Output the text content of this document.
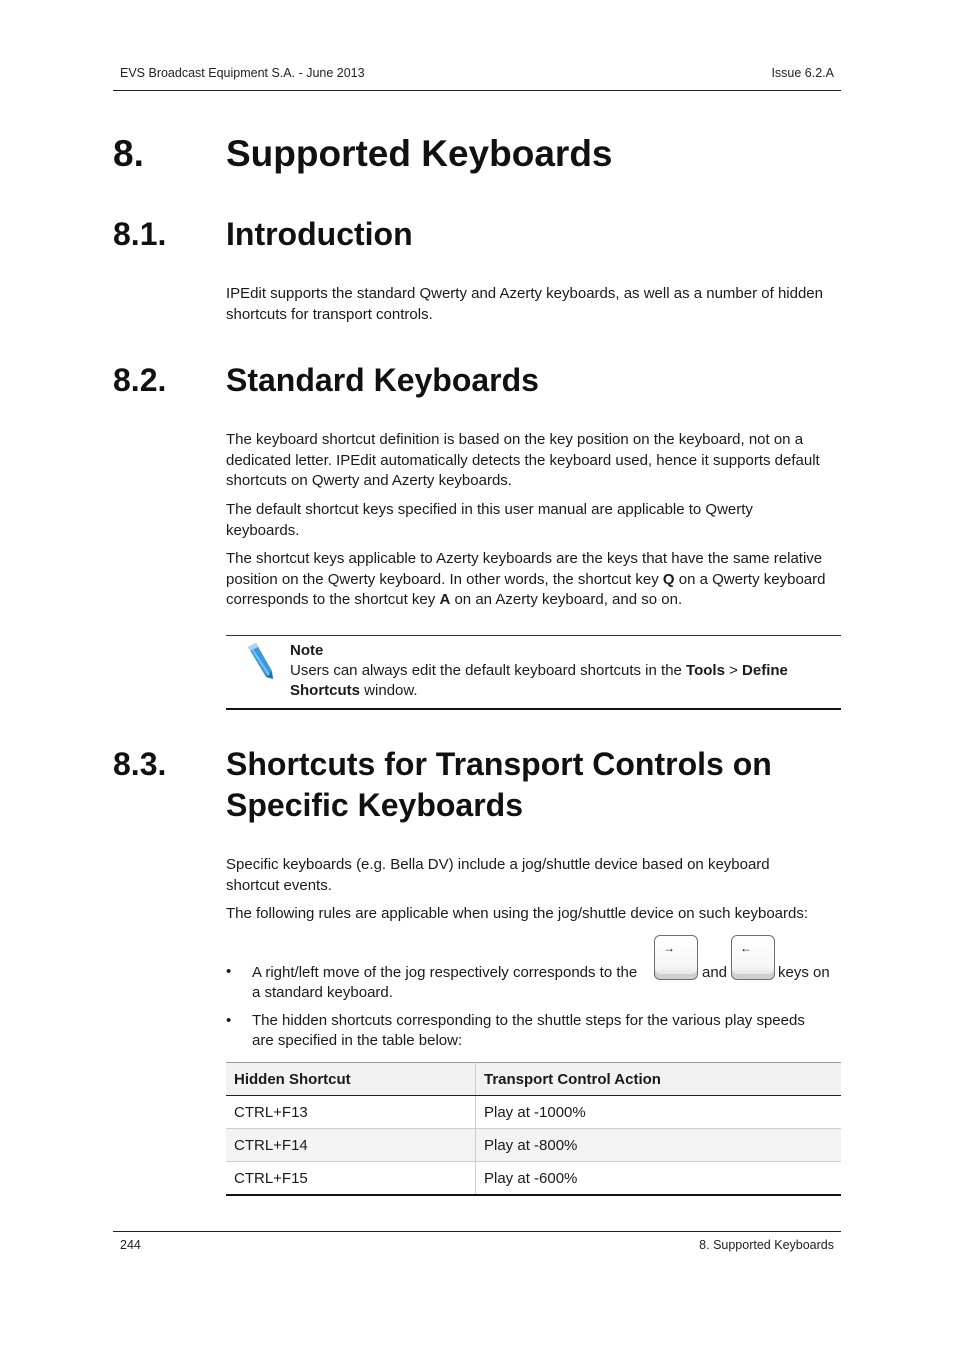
EVS Broadcast Equipment S.A. - June 2013	Issue 6.2.A
8. Supported Keyboards
8.1. Introduction
IPEdit supports the standard Qwerty and Azerty keyboards, as well as a number of hidden
shortcuts for transport controls.
8.2. Standard Keyboards

The keyboard shortcut definition is based on the key position on the keyboard, not on a dedicated letter. IPEdit automatically detects the keyboard used, hence it supports default shortcuts on Qwerty and Azerty keyboards.

The default shortcut keys specified in this user manual are applicable to Qwerty keyboards.

The shortcut keys applicable to Azerty keyboards are the keys that have the same relative position on the Qwerty keyboard. In other words, the shortcut key Q on a Qwerty keyboard corresponds to the shortcut key A on an Azerty keyboard, and so on.

Note
Users can always edit the default keyboard shortcuts in the Tools > Define
Shortcuts window.
8.3. Shortcuts for Transport Controls on
Specific Keyboards

Specific keyboards (e.g. Bella DV) include a jog/shuttle device based on keyboard shortcut events.

The following rules are applicable when using the jog/shuttle device on such keyboards:

• A right/left move of the jog respectively corresponds to the
→
and
←
keys on
a standard keyboard.
• The hidden shortcuts corresponding to the shuttle steps for the various play speeds
are specified in the table below:
Hidden Shortcut	Transport Control Action
CTRL+F13	Play at -1000%
CTRL+F14	Play at -800%
CTRL+F15	Play at -600%
244	8. Supported Keyboards
